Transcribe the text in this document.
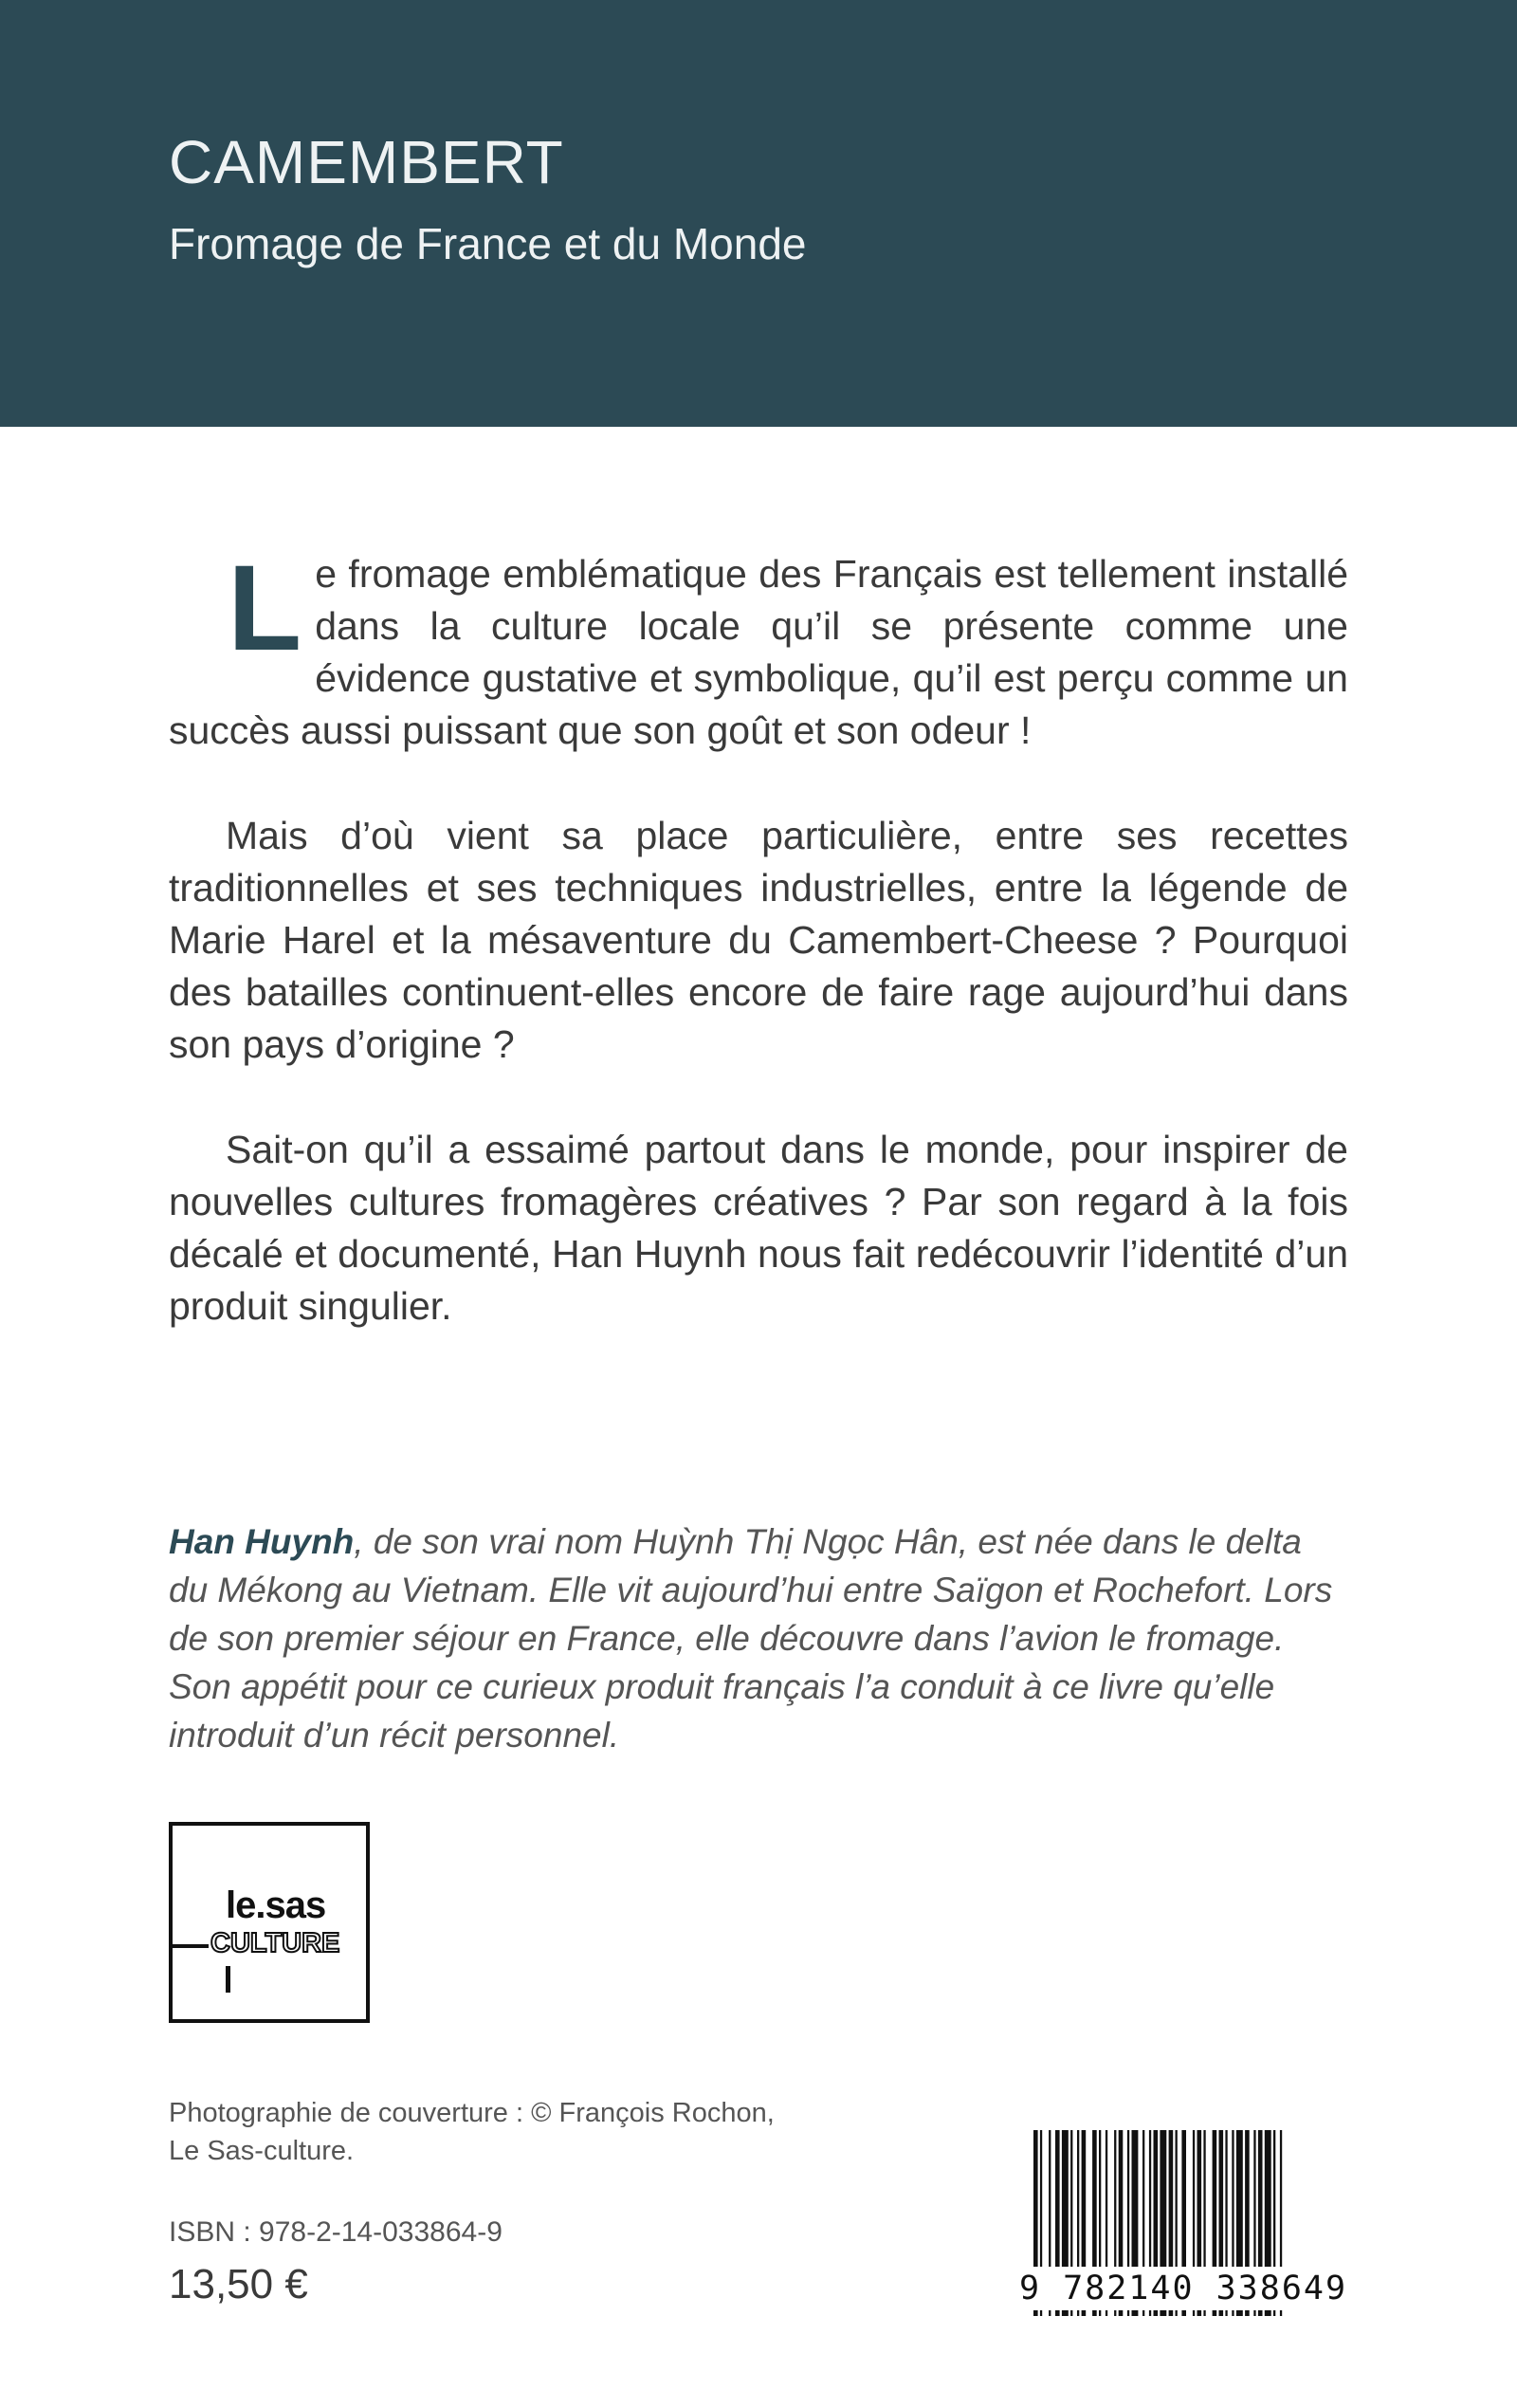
CAMEMBERT
Fromage de France et du Monde

Le fromage emblématique des Français est tellement installé dans la culture locale qu’il se présente comme une évidence gustative et symbolique, qu’il est perçu comme un succès aussi puissant que son goût et son odeur !

Mais d’où vient sa place particulière, entre ses recettes traditionnelles et ses techniques industrielles, entre la légende de Marie Harel et la mésaventure du Camembert-Cheese ? Pourquoi des batailles continuent-elles encore de faire rage aujourd’hui dans son pays d’origine ?

Sait-on qu’il a essaimé partout dans le monde, pour inspirer de nouvelles cultures fromagères créatives ? Par son regard à la fois décalé et documenté, Han Huynh nous fait redécouvrir l’identité d’un produit singulier.

Han Huynh, de son vrai nom Huỳnh Thị Ngọc Hân, est née dans le delta du Mékong au Vietnam. Elle vit aujourd’hui entre Saïgon et Rochefort. Lors de son premier séjour en France, elle découvre dans l’avion le fromage. Son appétit pour ce curieux produit français l’a conduit à ce livre qu’elle introduit d’un récit personnel.
le.sas
CULTURE
Photographie de couverture : © François Rochon,
Le Sas-culture.
ISBN : 978-2-14-033864-9
13,50 €	9 782140 338649
